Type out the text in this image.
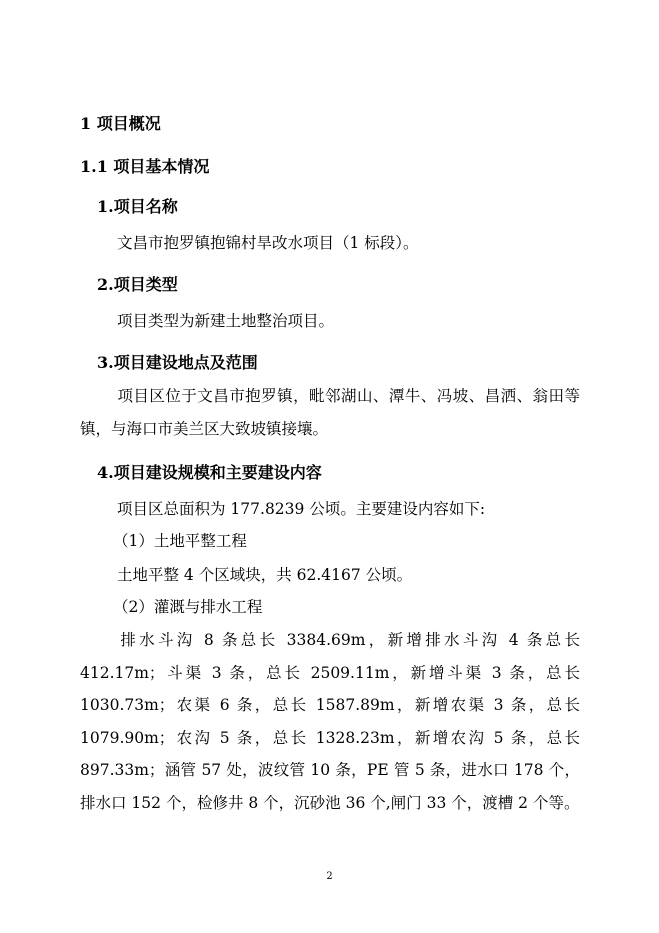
1 项目概况
1.1 项目基本情况
1.项目名称
文昌市抱罗镇抱锦村旱改水项目（1 标段）。
2.项目类型
项目类型为新建土地整治项目。
3.项目建设地点及范围
项目区位于文昌市抱罗镇，毗邻湖山、潭牛、冯坡、昌洒、翁田等镇，与海口市美兰区大致坡镇接壤。
4.项目建设规模和主要建设内容
项目区总面积为 177.8239 公顷。主要建设内容如下:
（1）土地平整工程
土地平整 4 个区域块，共 62.4167 公顷。
（2）灌溉与排水工程
排水斗沟 8 条总长 3384.69m，新增排水斗沟 4 条总长 412.17m；斗渠 3 条，总长 2509.11m，新增斗渠 3 条，总长 1030.73m；农渠 6 条，总长 1587.89m，新增农渠 3 条，总长 1079.90m；农沟 5 条，总长 1328.23m，新增农沟 5 条，总长 897.33m；涵管 57 处，波纹管 10 条，PE 管 5 条，进水口 178 个，排水口 152 个，检修井 8 个，沉砂池 36 个,闸门 33 个，渡槽 2 个等。
2
